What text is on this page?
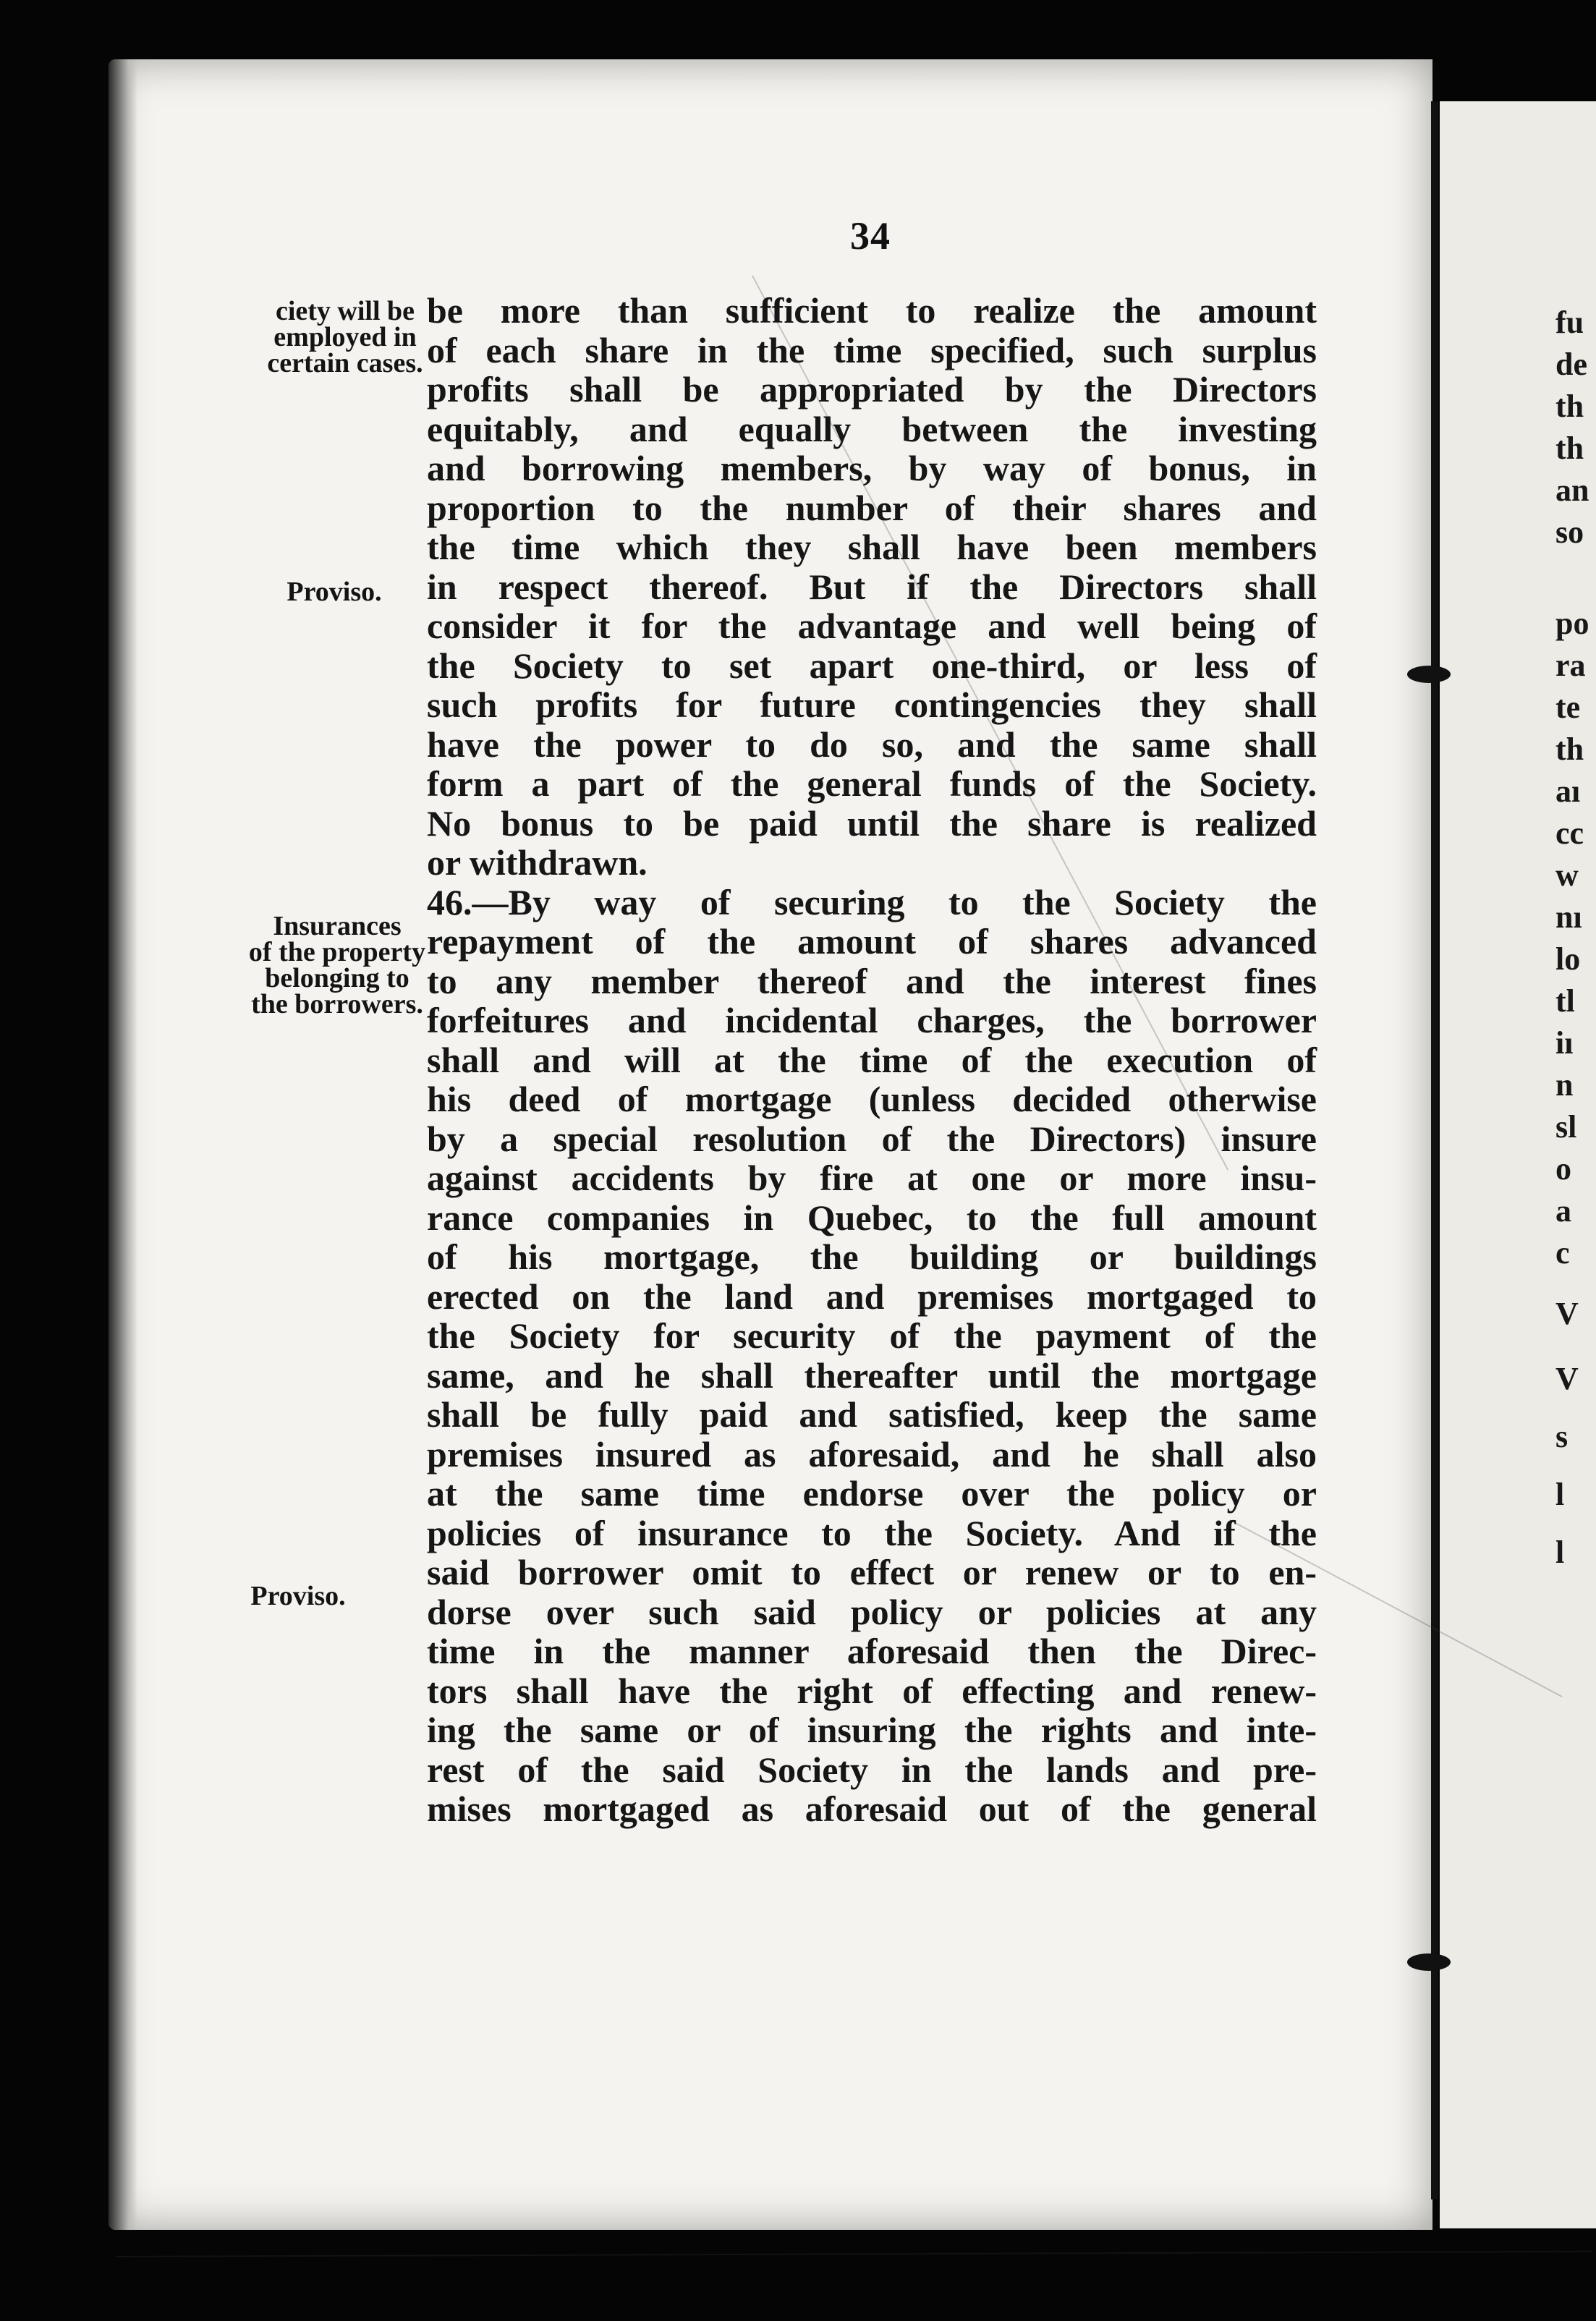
34
ciety will be
employed in
certain cases.
Proviso.
Insurances
of the property
belonging to
the borrowers.
Proviso.
be more than sufficient to realize the amount
of each share in the time specified, such surplus
profits shall be appropriated by the Directors
equitably, and equally between the investing
and borrowing members, by way of bonus, in
proportion to the number of their shares and
the time which they shall have been members
in respect thereof. But if the Directors shall
consider it for the advantage and well being of
the Society to set apart one-third, or less of
such profits for future contingencies they shall
have the power to do so, and the same shall
form a part of the general funds of the Society.
No bonus to be paid until the share is realized
or withdrawn.
46.—By way of securing to the Society the
repayment of the amount of shares advanced
to any member thereof and the interest fines
forfeitures and incidental charges, the borrower
shall and will at the time of the execution of
his deed of mortgage (unless decided otherwise
by a special resolution of the Directors) insure
against accidents by fire at one or more insu-
rance companies in Quebec, to the full amount
of his mortgage, the building or buildings
erected on the land and premises mortgaged to
the Society for security of the payment of the
same, and he shall thereafter until the mortgage
shall be fully paid and satisfied, keep the same
premises insured as aforesaid, and he shall also
at the same time endorse over the policy or
policies of insurance to the Society. And if the
said borrower omit to effect or renew or to en-
dorse over such said policy or policies at any
time in the manner aforesaid then the Direc-
tors shall have the right of effecting and renew-
ing the same or of insuring the rights and inte-
rest of the said Society in the lands and pre-
mises mortgaged as aforesaid out of the general
fu
de
th
th
an
so
po
ra
te
th
aı
cc
w
nı
lo
tl
iı
n
sl
o
a
c
V
V
s
l
l
